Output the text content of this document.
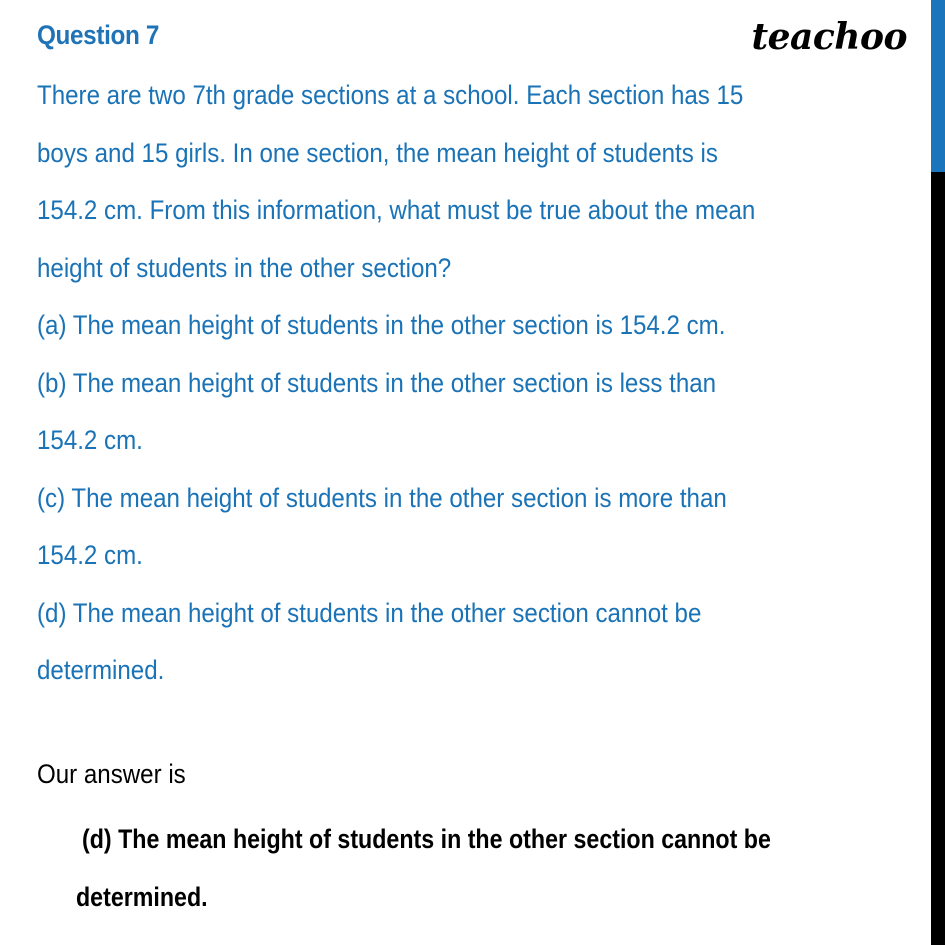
Question 7	teachoo
There are two 7th grade sections at a school. Each section has 15
boys and 15 girls. In one section, the mean height of students is
154.2 cm. From this information, what must be true about the mean
height of students in the other section?
(a) The mean height of students in the other section is 154.2 cm.
(b) The mean height of students in the other section is less than
154.2 cm.
(c) The mean height of students in the other section is more than
154.2 cm.
(d) The mean height of students in the other section cannot be
determined.
Our answer is
(d) The mean height of students in the other section cannot be
determined.
